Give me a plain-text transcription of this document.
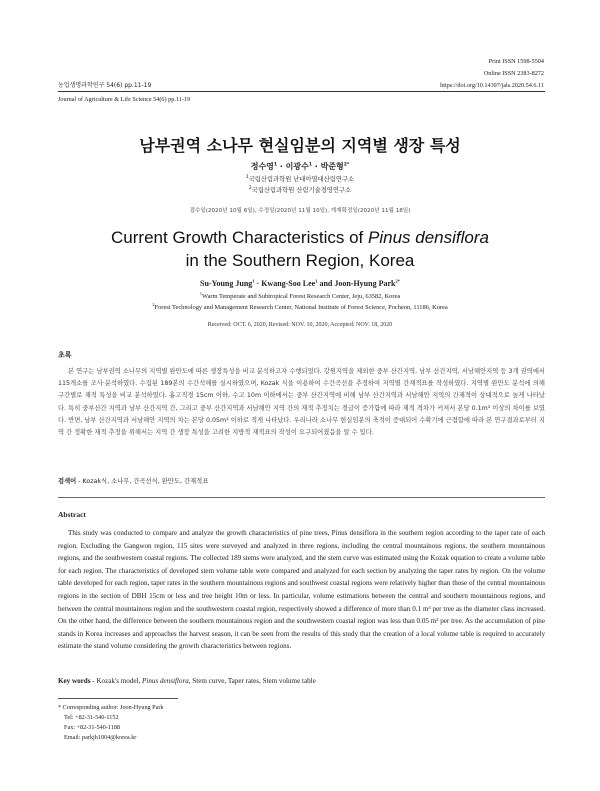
Print ISSN 1598-5504
Online ISSN 2383-8272
농업생명과학연구 54(6) pp.11-19	https://doi.org/10.14397/jals.2020.54.6.11
Journal of Agriculture & Life Science 54(6) pp.11-19
남부권역 소나무 현실임분의 지역별 생장 특성
정수영$^1$ · 이광수$^1$ · 박준형$^{2*}$
$^1$국립산림과학원 난대아열대산림연구소
$^2$국립산림과학원 산림기술경영연구소
접수일(2020년 10월 6일), 수정일(2020년 11월 10일), 게재확정일(2020년 11월 18일)
Current Growth Characteristics of Pinus densiflora
in the Southern Region, Korea
Su-Young Jung$^1$ · Kwang-Soo Lee$^1$ and Joon-Hyung Park$^{2*}$
$^1$Warm Temperate and Subtropical Forest Research Center, Jeju, 63582, Korea
$^2$Forest Technology and Management Research Center, National Institute of Forest Science, Pocheon, 11186, Korea
Received: OCT. 6, 2020, Revised: NOV. 10, 2020, Accepted: NOV. 18, 2020
초록
본 연구는 남부권역 소나무의 지역별 완만도에 따른 생장특성을 비교 분석하고자 수행되었다. 강원지역을 제외한 중부 산간지역, 남부 산간지역, 서남해안지역 등 3개 권역에서 115개소를 조사·분석하였다. 수집된 189본의 수간석해를 실시하였으며, Kozak 식을 이용하여 수간곡선을 추정하여 지역별 간재적표를 작성하였다. 지역별 완만도 분석에 의해 구간별로 재적 특성을 비교 분석하였다. 흉고직경 15cm 이하, 수고 10m 이하에서는 중부 산간지역에 비해 남부 산간지역과 서남해안 지역의 간재적이 상대적으로 높게 나타났다. 특히 중부산간 지역과 남부 산간지역 간, 그리고 중부 산간지역과 서남해안 지역 간의 재적 추정치는 경급이 증가함에 따라 재적 격차가 커져서 본당 0.1m³ 이상의 차이를 보였다. 반면, 남부 산간지역과 서남해안 지역의 차는 본당 0.05m³ 이하로 적게 나타났다. 우리나라 소나무 현실임분의 축적이 증대되어 수확기에 근접함에 따라 본 연구결과로부터 지역 간 정확한 재적 추정을 위해서는 지역 간 생장 특성을 고려한 지방적 재적표의 작성이 요구되어졌음을 알 수 있다.
검색어 - Kozak식, 소나무, 간곡선식, 완만도, 간재적표
Abstract
This study was conducted to compare and analyze the growth characteristics of pine trees, Pinus densiflora in the southern region according to the taper rate of each region. Excluding the Gangwon region, 115 sites were surveyed and analyzed in three regions, including the central mountainous regions, the southern mountainous regions, and the southwestern coastal regions. The collected 189 stems were analyzed, and the stem curve was estimated using the Kozak equation to create a volume table for each region. The characteristics of developed stem volume table were compared and analyzed for each section by analyzing the taper rates by region. On the volume table developed for each region, taper rates in the southern mountainous regions and southwest coastal regions were relatively higher than those of the central mountainous regions in the section of DBH 15cm or less and tree height 10m or less. In particular, volume estimations between the central and southern mountainous regions, and between the central mountainous region and the southwestern coastal region, respectively showed a difference of more than 0.1 m³ per tree as the diameter class increased. On the other hand, the difference between the southern mountainous region and the southwestern coastal region was less than 0.05 m³ per tree. As the accumulation of pine stands in Korea increases and approaches the harvest season, it can be seen from the results of this study that the creation of a local volume table is required to accurately estimate the stand volume considering the growth characteristics between regions.
Key words - Kozak's model, Pinus densiflora, Stem curve, Taper rates, Stem volume table
* Corresponding author: Joon-Hyung Park
Tel: +82-31-540-1152
Fax: +82-31-540-1188
Email: parkjh1004@korea.kr
